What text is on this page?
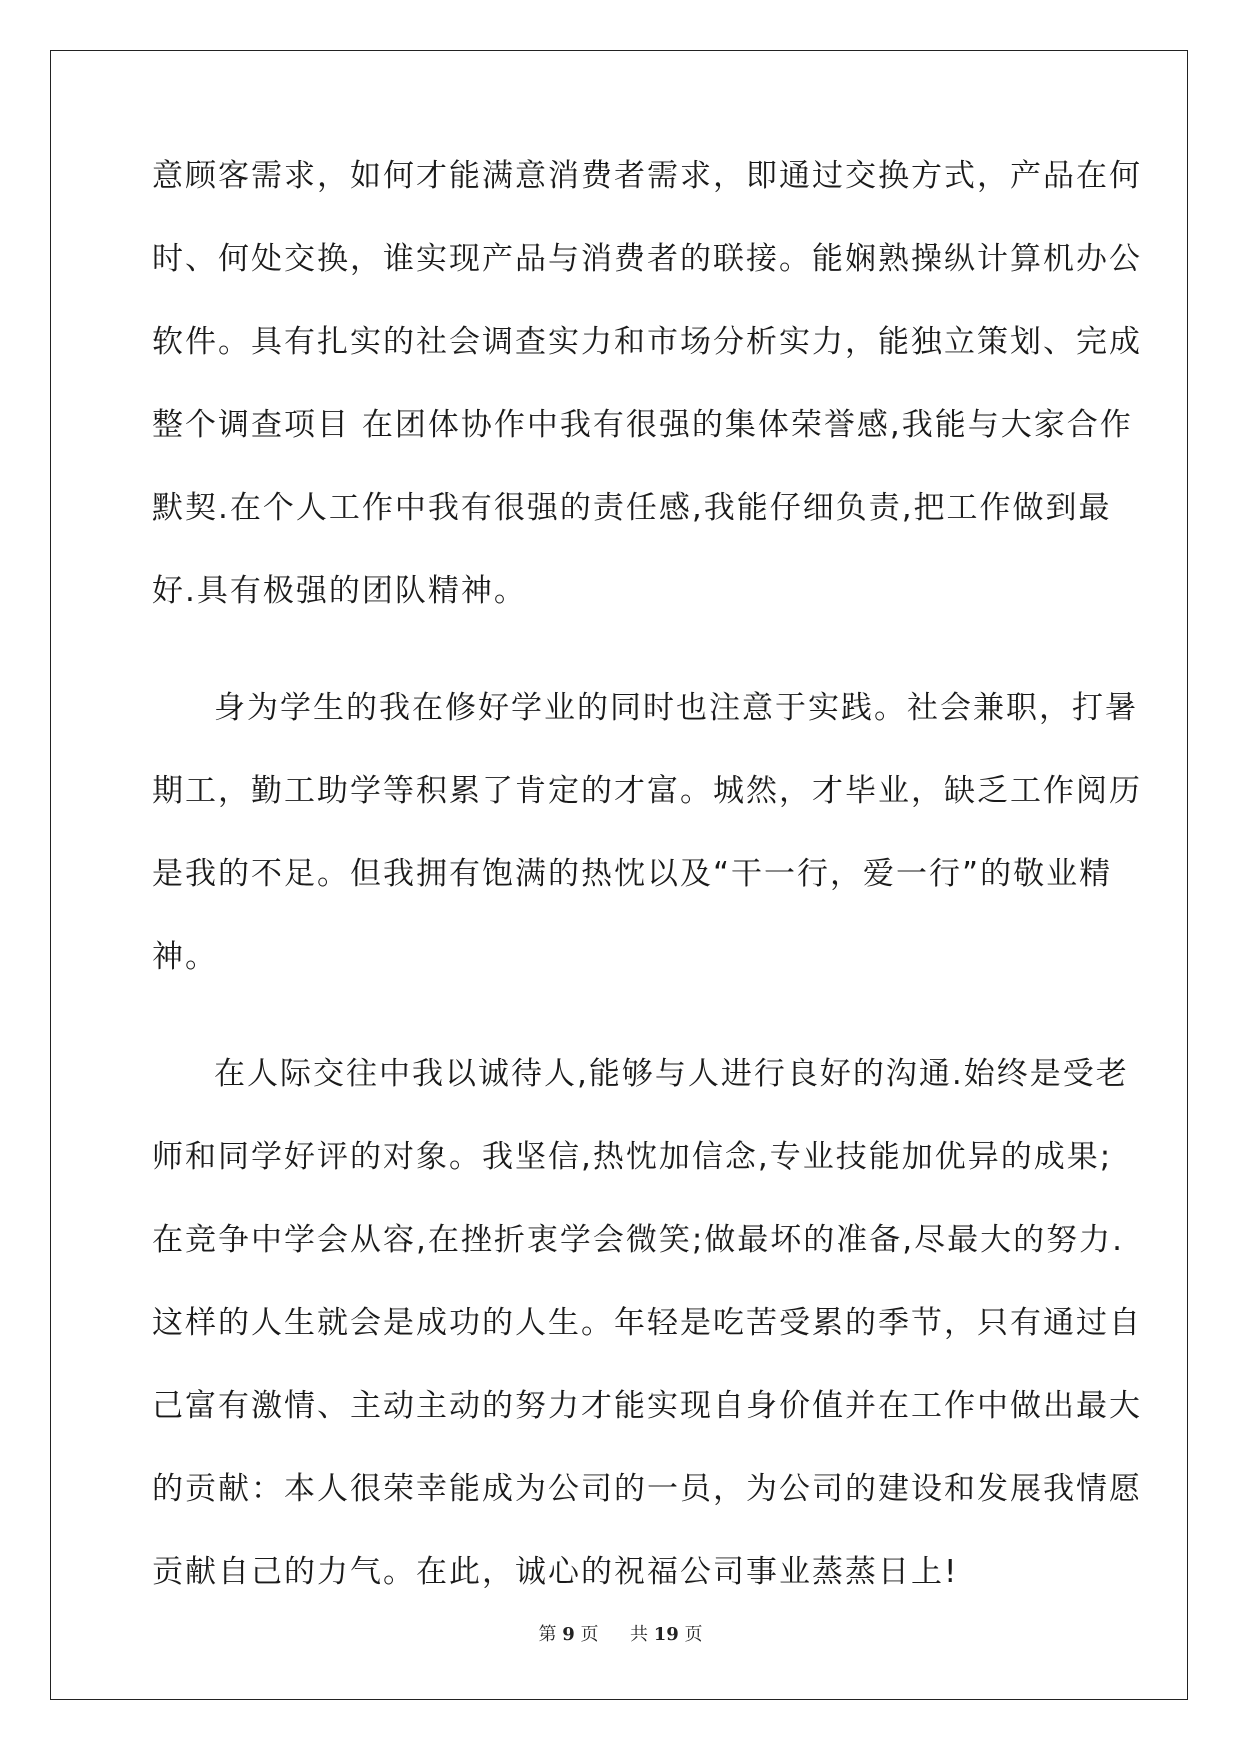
意顾客需求，如何才能满意消费者需求，即通过交换方式，产品在何
时、何处交换，谁实现产品与消费者的联接。能娴熟操纵计算机办公
软件。具有扎实的社会调查实力和市场分析实力，能独立策划、完成
整个调查项目 在团体协作中我有很强的集体荣誉感,我能与大家合作
默契.在个人工作中我有很强的责任感,我能仔细负责,把工作做到最
好.具有极强的团队精神。
身为学生的我在修好学业的同时也注意于实践。社会兼职，打暑
期工，勤工助学等积累了肯定的才富。城然，才毕业，缺乏工作阅历
是我的不足。但我拥有饱满的热忱以及“干一行，爱一行”的敬业精
神。
在人际交往中我以诚待人,能够与人进行良好的沟通.始终是受老
师和同学好评的对象。我坚信,热忱加信念,专业技能加优异的成果;
在竞争中学会从容,在挫折衷学会微笑;做最坏的准备,尽最大的努力.
这样的人生就会是成功的人生。年轻是吃苦受累的季节，只有通过自
己富有激情、主动主动的努力才能实现自身价值并在工作中做出最大
的贡献：本人很荣幸能成为公司的一员，为公司的建设和发展我情愿
贡献自己的力气。在此，诚心的祝福公司事业蒸蒸日上!
第 9 页 共 19 页
